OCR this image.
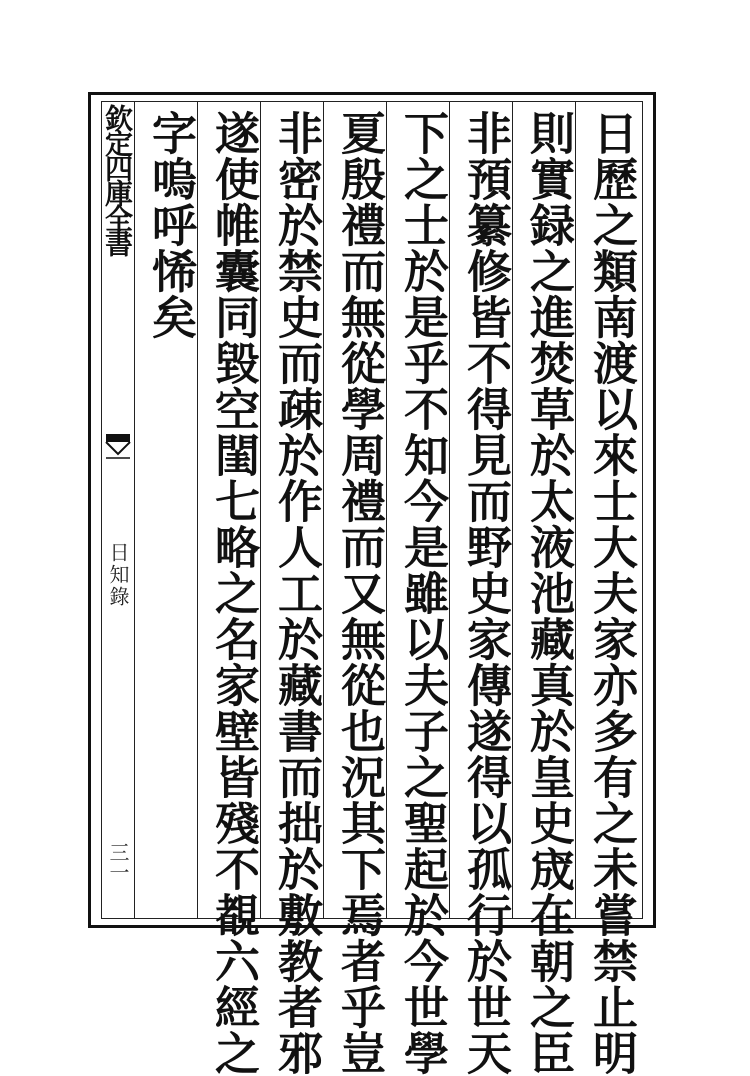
日歷之類南渡以來士大夫家亦多有之未嘗禁止明
則實録之進焚草於太液池藏真於皇史宬在朝之臣
非預纂修皆不得見而野史家傳遂得以孤行於世天
下之士於是乎不知今是雖以夫子之聖起於今世學
夏殷禮而無從學周禮而又無從也況其下焉者乎豈
非密於禁史而疎於作人工於藏書而拙於敷教者邪
遂使帷囊同毀空閨七略之名家壁皆殘不覩六經之
字嗚呼悕矣
欽定四庫全書
日知錄
三一
